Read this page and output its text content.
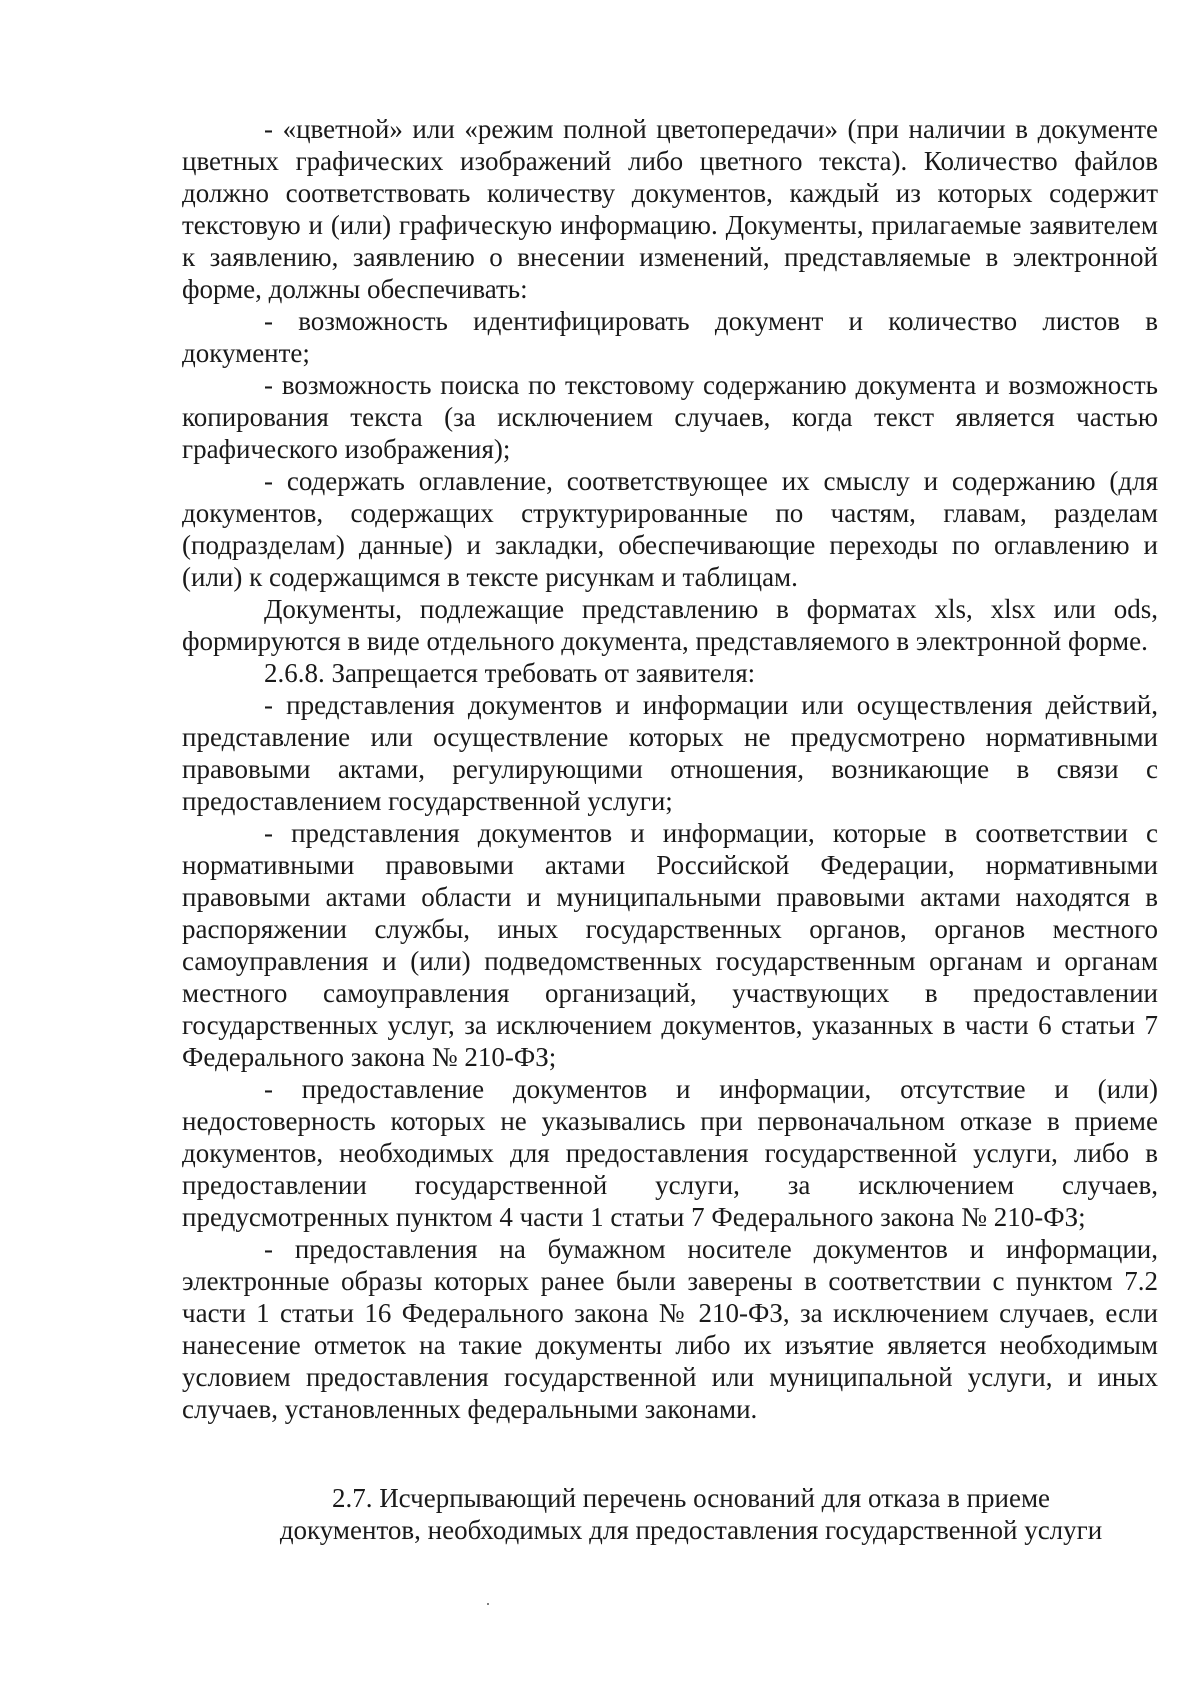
- «цветной» или «режим полной цветопередачи» (при наличии в документе цветных графических изображений либо цветного текста). Количество файлов должно соответствовать количеству документов, каждый из которых содержит текстовую и (или) графическую информацию. Документы, прилагаемые заявителем к заявлению, заявлению о внесении изменений, представляемые в электронной форме, должны обеспечивать:

- возможность идентифицировать документ и количество листов в документе;

- возможность поиска по текстовому содержанию документа и возможность копирования текста (за исключением случаев, когда текст является частью графического изображения);

- содержать оглавление, соответствующее их смыслу и содержанию (для документов, содержащих структурированные по частям, главам, разделам (подразделам) данные) и закладки, обеспечивающие переходы по оглавлению и (или) к содержащимся в тексте рисункам и таблицам.

Документы, подлежащие представлению в форматах xls, xlsx или ods, формируются в виде отдельного документа, представляемого в электронной форме.

2.6.8. Запрещается требовать от заявителя:

- представления документов и информации или осуществления действий, представление или осуществление которых не предусмотрено нормативными правовыми актами, регулирующими отношения, возникающие в связи с предоставлением государственной услуги;

- представления документов и информации, которые в соответствии с нормативными правовыми актами Российской Федерации, нормативными правовыми актами области и муниципальными правовыми актами находятся в распоряжении службы, иных государственных органов, органов местного самоуправления и (или) подведомственных государственным органам и органам местного самоуправления организаций, участвующих в предоставлении государственных услуг, за исключением документов, указанных в части 6 статьи 7 Федерального закона № 210-ФЗ;

- предоставление документов и информации, отсутствие и (или) недостоверность которых не указывались при первоначальном отказе в приеме документов, необходимых для предоставления государственной услуги, либо в предоставлении государственной услуги, за исключением случаев, предусмотренных пунктом 4 части 1 статьи 7 Федерального закона № 210-ФЗ;

- предоставления на бумажном носителе документов и информации, электронные образы которых ранее были заверены в соответствии с пунктом 7.2 части 1 статьи 16 Федерального закона № 210-ФЗ, за исключением случаев, если нанесение отметок на такие документы либо их изъятие является необходимым условием предоставления государственной или муниципальной услуги, и иных случаев, установленных федеральными законами.

2.7. Исчерпывающий перечень оснований для отказа в приеме
документов, необходимых для предоставления государственной услуги
